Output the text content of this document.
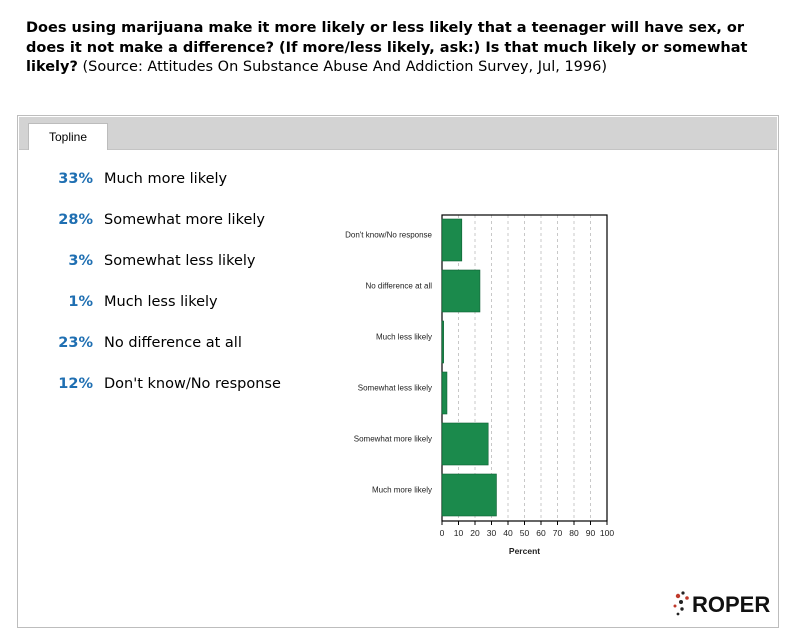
Does using marijuana make it more likely or less likely that a teenager will have sex, or does it not make a difference? (If more/less likely, ask:) Is that much likely or somewhat likely? (Source: Attitudes On Substance Abuse And Addiction Survey, Jul, 1996)
Topline
33% Much more likely
28% Somewhat more likely
3% Somewhat less likely
1% Much less likely
23% No difference at all
12% Don't know/No response
Don't know/No response
No difference at all
Much less likely
Somewhat less likely
Somewhat more likely
Much more likely
0 10 20 30 40 50 60 70 80 90 100
Percent
ROPER
